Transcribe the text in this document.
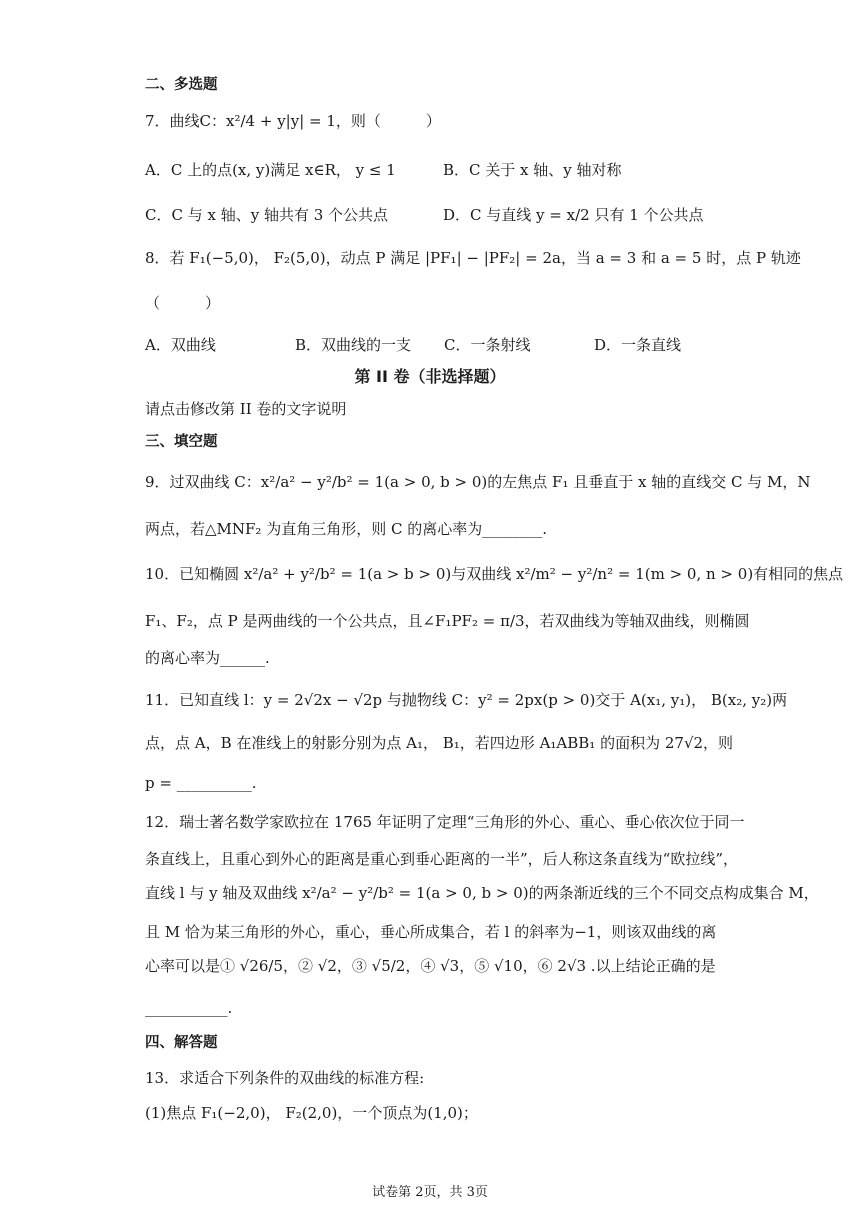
二、多选题
7．曲线C：x²/4 + y|y| = 1，则（　　　）
A．C 上的点(x, y)满足 x∈R， y ≤ 1	B．C 关于 x 轴、y 轴对称
C．C 与 x 轴、y 轴共有 3 个公共点	D．C 与直线 y = x/2 只有 1 个公共点
8．若 F₁(−5,0)， F₂(5,0)，动点 P 满足 |PF₁| − |PF₂| = 2a，当 a = 3 和 a = 5 时，点 P 轨迹
（　　　）
A．双曲线	B．双曲线的一支 C．一条射线	D．一条直线
第 II 卷（非选择题）
请点击修改第 II 卷的文字说明
三、填空题
9．过双曲线 C：x²/a² − y²/b² = 1(a > 0, b > 0)的左焦点 F₁ 且垂直于 x 轴的直线交 C 与 M，N
两点，若△MNF₂ 为直角三角形，则 C 的离心率为________.
10．已知椭圆 x²/a² + y²/b² = 1(a > b > 0)与双曲线 x²/m² − y²/n² = 1(m > 0, n > 0)有相同的焦点
F₁、F₂，点 P 是两曲线的一个公共点，且∠F₁PF₂ = π/3，若双曲线为等轴双曲线，则椭圆
的离心率为______.
11．已知直线 l：y = 2√2x − √2p 与抛物线 C：y² = 2px(p > 0)交于 A(x₁, y₁)， B(x₂, y₂)两
点，点 A，B 在准线上的射影分别为点 A₁， B₁，若四边形 A₁ABB₁ 的面积为 27√2，则
p = __________.
12．瑞士著名数学家欧拉在 1765 年证明了定理“三角形的外心、重心、垂心依次位于同一
条直线上，且重心到外心的距离是重心到垂心距离的一半”，后人称这条直线为“欧拉线”，
直线 l 与 y 轴及双曲线 x²/a² − y²/b² = 1(a > 0, b > 0)的两条渐近线的三个不同交点构成集合 M，
且 M 恰为某三角形的外心，重心，垂心所成集合，若 l 的斜率为−1，则该双曲线的离
心率可以是① √26/5，② √2，③ √5/2，④ √3，⑤ √10，⑥ 2√3 .以上结论正确的是
___________.
四、解答题
13．求适合下列条件的双曲线的标准方程:
(1)焦点 F₁(−2,0)， F₂(2,0)，一个顶点为(1,0)；
试卷第 2页，共 3页
